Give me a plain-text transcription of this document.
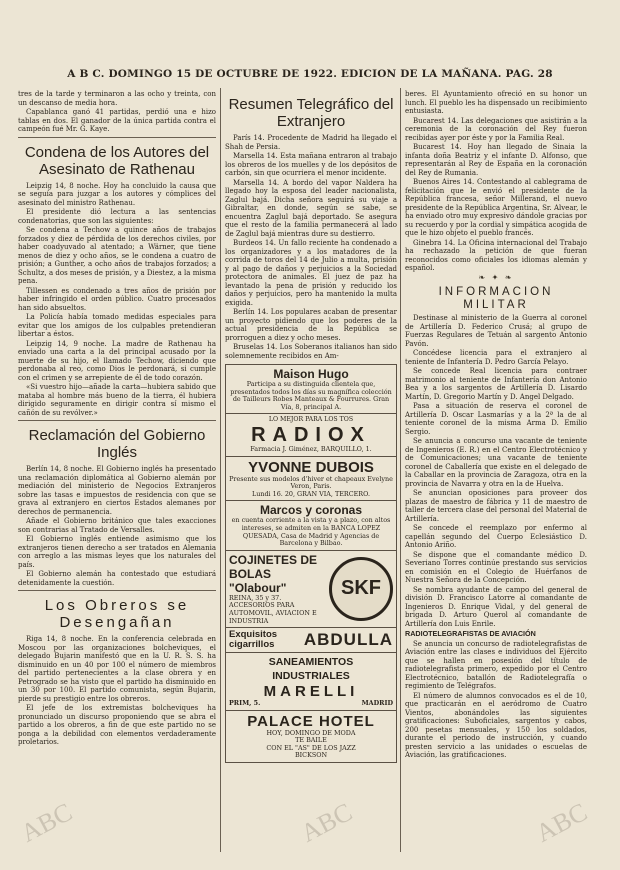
A B C. DOMINGO 15 DE OCTUBRE DE 1922. EDICION DE LA MAÑANA. PAG. 28

tres de la tarde y terminaron a las ocho y treinta, con un descanso de media hora.

Capablanca ganó 41 partidas, perdió una e hizo tablas en dos. El ganador de la única partida contra el campeón fué Mr. G. Kaye.

Condena de los Autores del Asesinato de Rathenau

Leipzig 14, 8 noche. Hoy ha concluido la causa que se seguía para juzgar a los autores y cómplices del asesinato del ministro Rathenau.

El presidente dió lectura a las sentencias condenatorias, que son las siguientes:

Se condena a Techow a quince años de trabajos forzados y diez de pérdida de los derechos civiles, por haber coadyuvado al atentado; a Wärner, que tiene menos de diez y ocho años, se le condena a cuatro de prisión; a Gunther, a ocho años de trabajos forzados; a Schultz, a dos meses de prisión, y a Diestez, a la misma pena.

Tillessen es condenado a tres años de prisión por haber infringido el orden público. Cuatro procesados han sido absueltos.

La Policía había tomado medidas especiales para evitar que los amigos de los culpables pretendieran libertar a éstos.

Leipzig 14, 9 noche. La madre de Rathenau ha enviado una carta a la del principal acusado por la muerte de su hijo, el llamado Techow, diciendo que perdonaba al reo, como Dios le perdonará, si cumple con el crimen y se arrepiente de él de todo corazón.

«Si vuestro hijo—añade la carta—hubiera sabido que mataba al hombre más bueno de la tierra, él hubiera dirigido seguramente en dirigir contra sí mismo el cañón de su revólver.»

Reclamación del Gobierno Inglés

Berlín 14, 8 noche. El Gobierno inglés ha presentado una reclamación diplomática al Gobierno alemán por mediación del ministerio de Negocios Extranjeros sobre las tasas e impuestos de residencia con que se grava al extranjero en ciertos Estados alemanes por derechos de permanencia.

Añade el Gobierno británico que tales exacciones son contrarias al Tratado de Versalles.

El Gobierno inglés entiende asimismo que los extranjeros tienen derecho a ser tratados en Alemania con arreglo a las mismas leyes que los naturales del país.

El Gobierno alemán ha contestado que estudiará detenidamente la cuestión.

Los Obreros se Desengañan

Riga 14, 8 noche. En la conferencia celebrada en Moscou por las organizaciones bolcheviques, el delegado Bujarin manifestó que en la U. R. S. S. ha disminuido en un 40 por 100 el número de miembros del partido pertenecientes a la clase obrera y en Petrogrado se ha visto que el partido ha disminuido en un 30 por 100. El partido comunista, según Bujarin, pierde su prestigio entre los obreros.

El jefe de los extremistas bolcheviques ha pronunciado un discurso proponiendo que se abra el partido a los obreros, a fin de que este partido no se ponga a la debilidad con elementos verdaderamente proletarios.

Resumen Telegráfico del Extranjero

París 14. Procedente de Madrid ha llegado el Shah de Persia.

Marsella 14. Esta mañana entraron al trabajo los obreros de los muelles y de los depósitos de carbón, sin que ocurriera el menor incidente.

Marsella 14. A bordo del vapor Naldera ha llegado hoy la esposa del leader nacionalista, Zaglul bajá. Dicha señora seguirá su viaje a Gibraltar, en donde, según se sabe, se encuentra Zaglul bajá deportado. Se asegura que el resto de la familia permanecerá al lado de Zaglul bajá mientras dure su destierro.

Burdeos 14. Un fallo reciente ha condenado a los organizadores y a los matadores de la corrida de toros del 14 de Julio a multa, prisión y al pago de daños y perjuicios a la Sociedad protectora de animales. El juez de paz ha levantado la pena de prisión y reducido los daños y perjuicios, pero ha mantenido la multa exigida.

Berlín 14. Los populares acaban de presentar un proyecto pidiendo que los poderes de la actual presidencia de la República se prorroguen a diez y ocho meses.

Bruselas 14. Los Soberanos italianos han sido solemnemente recibidos en Am-

Maison Hugo
Participa a su distinguida clientela que, presentados todos los días su magnífica colección de Tailleurs Robes Manteaux & Fourrures. Gran Vía, 8, principal A.
LO MEJOR PARA LOS TOS
RADIOX
Farmacia J. Giménez, BARQUILLO, 1.
YVONNE DUBOIS
Presente sus modelos d'hiver et chapeaux Evelyne Veron, Paris.
Lundi 16. 20, GRAN VIA, TERCERO.
Marcos y coronas
en cuenta corriente a la vista y a plazo, con altos intereses, se admiten en la BANCA LOPEZ QUESADA, Casa de Madrid y Agencias de Barcelona y Bilbao.
COJINETES DE BOLAS
"Olabour"
REINA, 35 y 37.
ACCESORIOS PARA AUTOMOVIL, AVIACION E INDUSTRIA
SKF
Exquisitos cigarrillos	ABDULLA
SANEAMIENTOS INDUSTRIALES
MARELLI
PRIM, 5.	MADRID
PALACE HOTEL
HOY, DOMINGO DE MODA
TE BAILE
CON EL "AS" DE LOS JAZZ
BICKSON

beres. El Ayuntamiento ofreció en su honor un lunch. El pueblo les ha dispensado un recibimiento entusiasta.

Bucarest 14. Las delegaciones que asistirán a la ceremonia de la coronación del Rey fueron recibidas ayer por éste y por la Familia Real.

Bucarest 14. Hoy han llegado de Sinaia la infanta doña Beatriz y el infante D. Alfonso, que representarán al Rey de España en la coronación del Rey de Rumania.

Buenos Aires 14. Contestando al cablegrama de felicitación que le envió el presidente de la República francesa, señor Millerand, el nuevo presidente de la República Argentina, Sr. Alvear, le ha enviado otro muy expresivo dándole gracias por su recuerdo y por la cordial y simpática acogida de que le hizo objeto el pueblo francés.

Ginebra 14. La Oficina internacional del Trabajo ha rechazado la petición de que fueran reconocidos como oficiales los idiomas alemán y español.

❧ ✦ ❧
INFORMACION MILITAR

Destinase al ministerio de la Guerra al coronel de Artillería D. Federico Crusá; al grupo de Fuerzas Regulares de Tetuán al sargento Antonio Pavón.

Concédese licencia para el extranjero al teniente de Infantería D. Pedro García Pelayo.

Se concede Real licencia para contraer matrimonio al teniente de Infantería don Antonio Bea y a los sargentos de Artillería D. Lisardo Martín, D. Gregorio Martín y D. Angel Delgado.

Pasa a situación de reserva el coronel de Artillería D. Oscar Lasmarías y a la 2ª la de al teniente coronel de la misma Arma D. Emilio Sergio.

Se anuncia a concurso una vacante de teniente de Ingenieros (E. R.) en el Centro Electrotécnico y de Comunicaciones; una vacante de teniente coronel de Caballería que existe en el delegado de la Caballar en la provincia de Zaragoza, otra en la provincia de Navarra y otra en la de Huelva.

Se anuncian oposiciones para proveer dos plazas de maestro de fábrica y 11 de maestro de taller de tercera clase del personal del Material de Artillería.

Se concede el reemplazo por enfermo al capellán segundo del Cuerpo Eclesiástico D. Antonio Ariño.

Se dispone que el comandante médico D. Severiano Torres continúe prestando sus servicios en comisión en el Colegio de Huérfanos de Nuestra Señora de la Concepción.

Se nombra ayudante de campo del general de división D. Francisco Latorre al comandante de Ingenieros D. Enrique Vidal, y del general de brigada D. Arturo Querol al comandante de Artillería don Luis Enrile.

RADIOTELEGRAFISTAS DE AVIACIÓN

Se anuncia un concurso de radiotelegrafistas de Aviación entre las clases e individuos del Ejército que se hallen en posesión del título de radiotelegrafista primero, expedido por el Centro Electrotécnico, batallón de Radiotelegrafía o regimiento de Telégrafos.

El número de alumnos convocados es el de 10, que practicarán en el aeródromo de Cuatro Vientos, abonándoles las siguientes gratificaciones: Suboficiales, sargentos y cabos, 200 pesetas mensuales, y 150 los soldados, durante el periodo de instrucción, y cuando presten servicio a las unidades o escuelas de Aviación, las gratificaciones.

ABC	ABC	ABC
